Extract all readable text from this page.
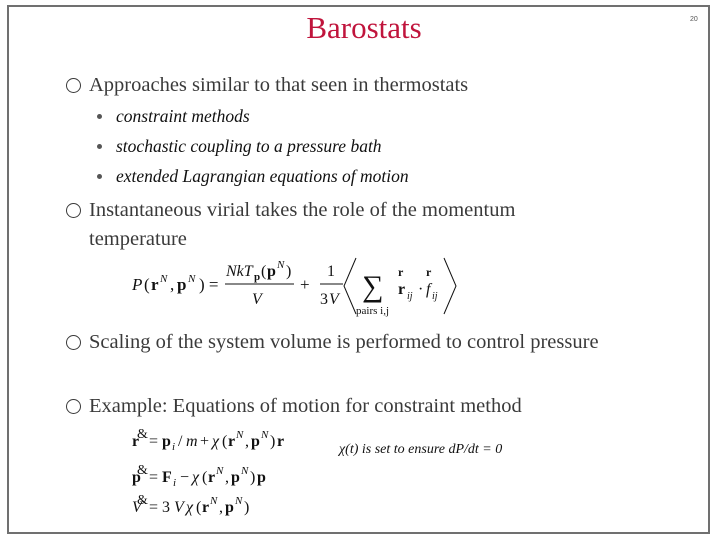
Barostats	20
Approaches similar to that seen in thermostats
constraint methods
stochastic coupling to a pressure bath
extended Lagrangian equations of motion
Instantaneous virial takes the role of the momentum temperature
P ( r N , p N ) =
NkT p ( p N )
V
+
1
3 V ∑
pairs i,j
r
r ij ·
r
f ij
Scaling of the system volume is performed to control pressure
Example: Equations of motion for constraint method
r
& = p i / m + χ ( r N , p N ) r
p
& = F i − χ ( r N , p N ) p
V
& = 3 V χ ( r N , p N )
χ(t) is set to ensure dP/dt = 0
